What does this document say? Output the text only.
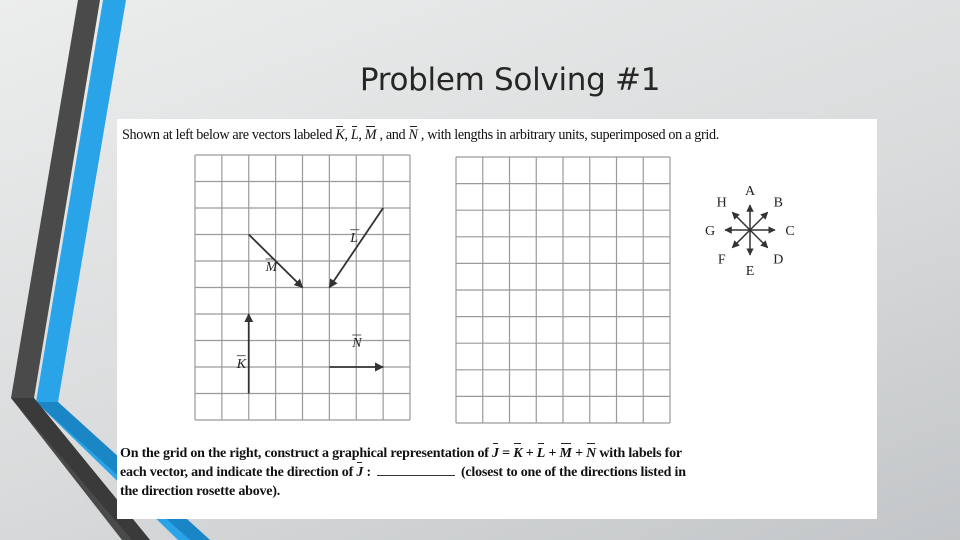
Problem Solving #1
Shown at left below are vectors labeled K, L, M , and N , with lengths in arbitrary units, superimposed on a grid.
K
L
M
N
A
B
C
D
E
F
G
H
On the grid on the right, construct a graphical representation of J = K + L + M + N with labels for
each vector, and indicate the direction of J :	(closest to one of the directions listed in
the direction rosette above).
